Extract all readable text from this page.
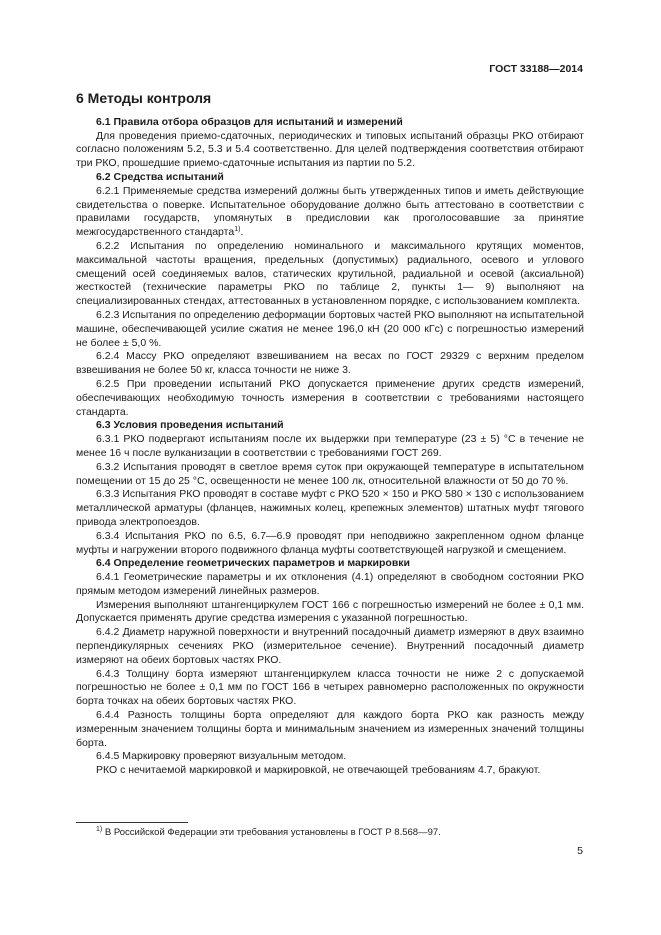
ГОСТ 33188—2014
6 Методы контроля

6.1 Правила отбора образцов для испытаний и измерений

Для проведения приемо-сдаточных, периодических и типовых испытаний образцы РКО отбирают согласно положениям 5.2, 5.3 и 5.4 соответственно. Для целей подтверждения соответствия отбирают три РКО, прошедшие приемо-сдаточные испытания из партии по 5.2.

6.2 Средства испытаний

6.2.1 Применяемые средства измерений должны быть утвержденных типов и иметь действующие свидетельства о поверке. Испытательное оборудование должно быть аттестовано в соответствии с правилами государств, упомянутых в предисловии как проголосовавшие за принятие межгосударственного стандарта$^{1)}$.

6.2.2 Испытания по определению номинального и максимального крутящих моментов, максимальной частоты вращения, предельных (допустимых) радиального, осевого и углового смещений осей соединяемых валов, статических крутильной, радиальной и осевой (аксиальной) жесткостей (технические параметры РКО по таблице 2, пункты 1— 9) выполняют на специализированных стендах, аттестованных в установленном порядке, с использованием комплекта.

6.2.3 Испытания по определению деформации бортовых частей РКО выполняют на испытательной машине, обеспечивающей усилие сжатия не менее 196,0 кН (20 000 кГс) с погрешностью измерений не более ± 5,0 %.

6.2.4 Массу РКО определяют взвешиванием на весах по ГОСТ 29329 с верхним пределом взвешивания не более 50 кг, класса точности не ниже 3.

6.2.5 При проведении испытаний РКО допускается применение других средств измерений, обеспечивающих необходимую точность измерения в соответствии с требованиями настоящего стандарта.

6.3 Условия проведения испытаний

6.3.1 РКО подвергают испытаниям после их выдержки при температуре (23 ± 5) °С в течение не менее 16 ч после вулканизации в соответствии с требованиями ГОСТ 269.

6.3.2 Испытания проводят в светлое время суток при окружающей температуре в испытательном помещении от 15 до 25 °С, освещенности не менее 100 лк, относительной влажности от 50 до 70 %.

6.3.3 Испытания РКО проводят в составе муфт с РКО 520 × 150 и РКО 580 × 130 с использованием металлической арматуры (фланцев, нажимных колец, крепежных элементов) штатных муфт тягового привода электропоездов.

6.3.4 Испытания РКО по 6.5, 6.7—6.9 проводят при неподвижно закрепленном одном фланце муфты и нагружении второго подвижного фланца муфты соответствующей нагрузкой и смещением.

6.4 Определение геометрических параметров и маркировки

6.4.1 Геометрические параметры и их отклонения (4.1) определяют в свободном состоянии РКО прямым методом измерений линейных размеров.

Измерения выполняют штангенциркулем ГОСТ 166 с погрешностью измерений не более ± 0,1 мм. Допускается применять другие средства измерения с указанной погрешностью.

6.4.2 Диаметр наружной поверхности и внутренний посадочный диаметр измеряют в двух взаимно перпендикулярных сечениях РКО (измерительное сечение). Внутренний посадочный диаметр измеряют на обеих бортовых частях РКО.

6.4.3 Толщину борта измеряют штангенциркулем класса точности не ниже 2 с допускаемой погрешностью не более ± 0,1 мм по ГОСТ 166 в четырех равномерно расположенных по окружности борта точках на обеих бортовых частях РКО.

6.4.4 Разность толщины борта определяют для каждого борта РКО как разность между измеренным значением толщины борта и минимальным значением из измеренных значений толщины борта.

6.4.5 Маркировку проверяют визуальным методом.

РКО с нечитаемой маркировкой и маркировкой, не отвечающей требованиям 4.7, бракуют.

$^{1)}$ В Российской Федерации эти требования установлены в ГОСТ Р 8.568—97.
5
